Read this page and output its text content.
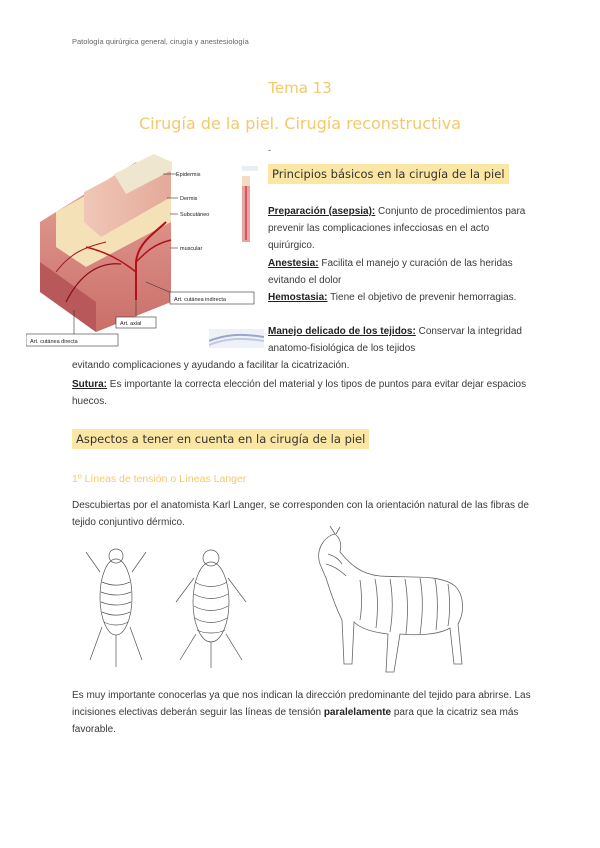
Patología quirúrgica general, cirugía y anestesiología
Tema 13
Cirugía de la piel. Cirugía reconstructiva
Epidermis
Dermis
Subcutáneo
muscular
Art. cutánea indirecta
Art. axial
Art. cutánea directa
-
Principios básicos en la cirugía de la piel
Preparación (asepsia): Conjunto de procedimientos para prevenir las complicaciones infecciosas en el acto quirúrgico.
Anestesia: Facilita el manejo y curación de las heridas evitando el dolor
Hemostasia: Tiene el objetivo de prevenir hemorragias.
Manejo delicado de los tejidos: Conservar la integridad anatomo-fisiológica de los tejidos
evitando complicaciones y ayudando a facilitar la cicatrización.
Sutura: Es importante la correcta elección del material y los tipos de puntos para evitar dejar espacios huecos.
Aspectos a tener en cuenta en la cirugía de la piel
1º Líneas de tensión o Líneas Langer
Descubiertas por el anatomista Karl Langer, se corresponden con la orientación natural de las fibras de tejido conjuntivo dérmico.
Es muy importante conocerlas ya que nos indican la dirección predominante del tejido para abrirse. Las incisiones electivas deberán seguir las líneas de tensión paralelamente para que la cicatriz sea más favorable.
